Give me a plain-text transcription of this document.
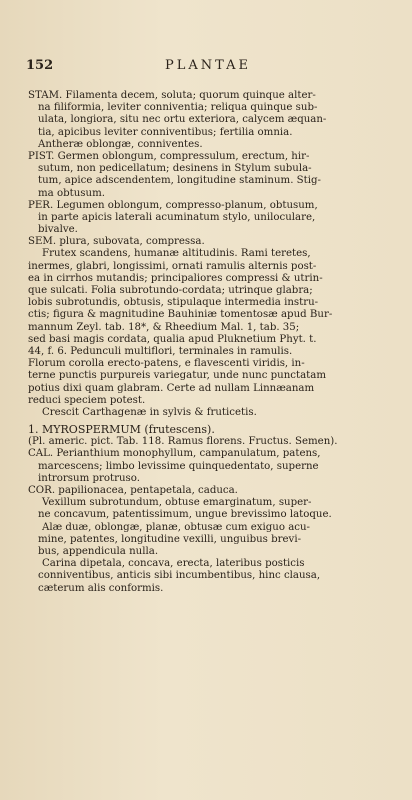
152	PLANTAE
STAM. Filamenta decem, soluta; quorum quinque alter-
na filiformia, leviter conniventia; reliqua quinque sub-
ulata, longiora, situ nec ortu exteriora, calycem æquan-
tia, apicibus leviter conniventibus; fertilia omnia.
Antheræ oblongæ, conniventes.
PIST. Germen oblongum, compressulum, erectum, hir-
sutum, non pedicellatum; desinens in Stylum subula-
tum, apice adscendentem, longitudine staminum. Stig-
ma obtusum.
PER. Legumen oblongum, compresso-planum, obtusum,
in parte apicis laterali acuminatum stylo, uniloculare,
bivalve.
SEM. plura, subovata, compressa.
Frutex scandens, humanæ altitudinis. Rami teretes,
inermes, glabri, longissimi, ornati ramulis alternis post-
ea in cirrhos mutandis; principaliores compressi & utrin-
que sulcati. Folia subrotundo-cordata; utrinque glabra;
lobis subrotundis, obtusis, stipulaque intermedia instru-
ctis; figura & magnitudine Bauhiniæ tomentosæ apud Bur-
mannum Zeyl. tab. 18*, & Rheedium Mal. 1, tab. 35;
sed basi magis cordata, qualia apud Pluknetium Phyt. t.
44, f. 6. Pedunculi multiflori, terminales in ramulis.
Florum corolla erecto-patens, e flavescenti viridis, in-
terne punctis purpureis variegatur, unde nunc punctatam
potius dixi quam glabram. Certe ad nullam Linnæanam
reduci speciem potest.
Crescit Carthagenæ in sylvis & fruticetis.
1. MYROSPERMUM (frutescens).
(Pl. americ. pict. Tab. 118. Ramus florens. Fructus. Semen).
CAL. Perianthium monophyllum, campanulatum, patens,
marcescens; limbo levissime quinquedentato, superne
introrsum protruso.
COR. papilionacea, pentapetala, caduca.
Vexillum subrotundum, obtuse emarginatum, super-
ne concavum, patentissimum, ungue brevissimo latoque.
Alæ duæ, oblongæ, planæ, obtusæ cum exiguo acu-
mine, patentes, longitudine vexilli, unguibus brevi-
bus, appendicula nulla.
Carina dipetala, concava, erecta, lateribus posticis
conniventibus, anticis sibi incumbentibus, hinc clausa,
cæterum alis conformis.
